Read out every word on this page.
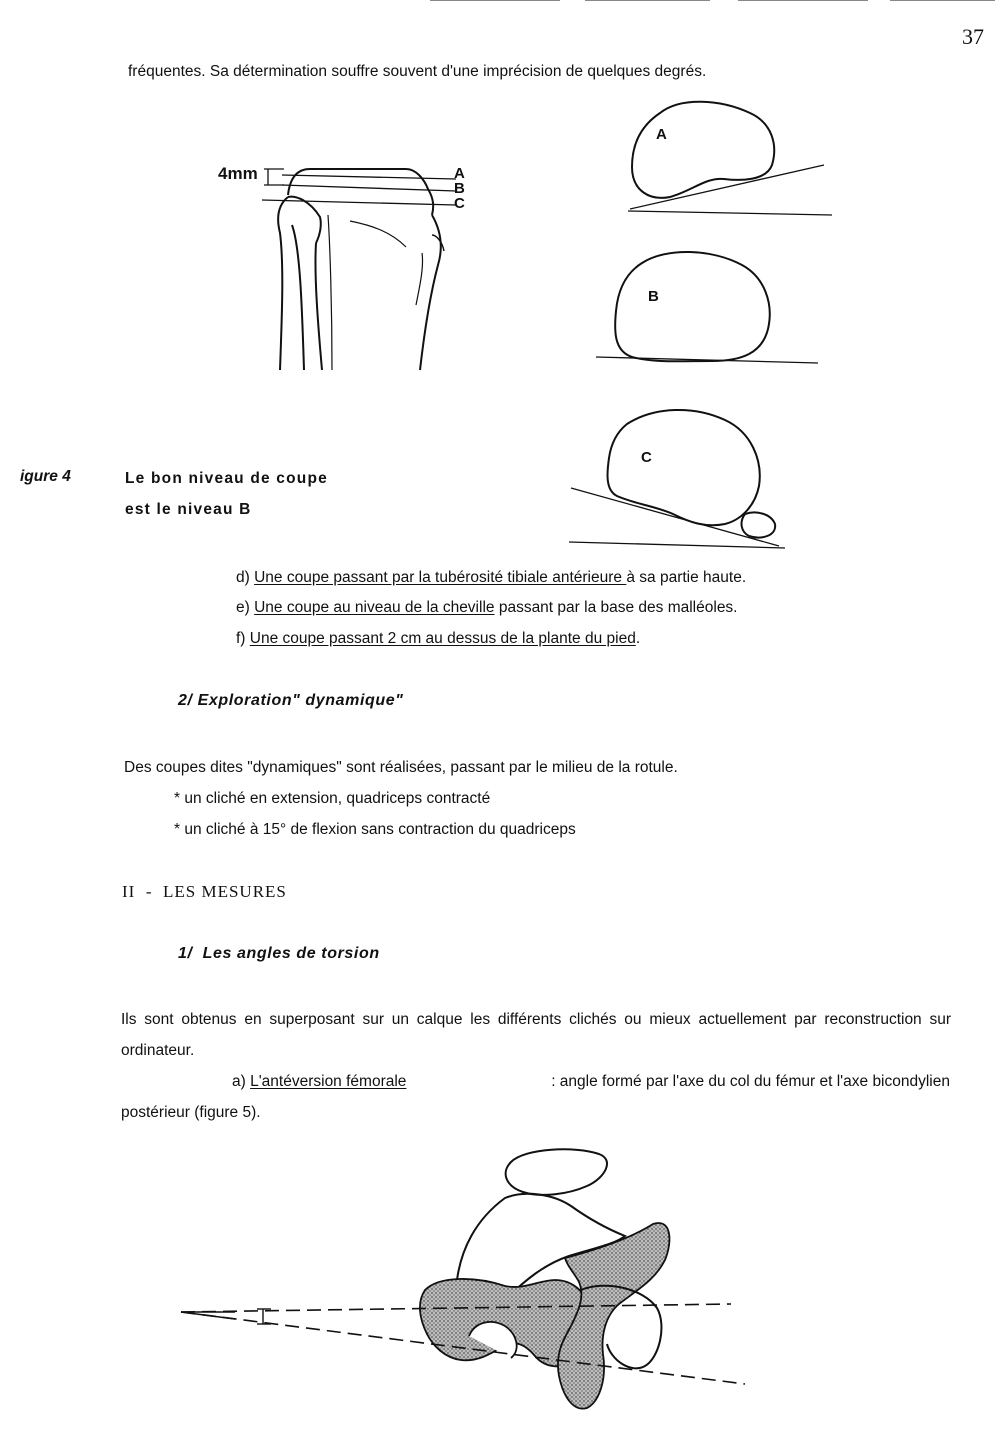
37
fréquentes. Sa détermination souffre souvent d'une imprécision de quelques degrés.
4mm	A
B
C
A
B
C
igure 4	Le bon niveau de coupe
est le niveau B
d) Une coupe passant par la tubérosité tibiale antérieure à sa partie haute.
e) Une coupe au niveau de la cheville passant par la base des malléoles.
f) Une coupe passant 2 cm au dessus de la plante du pied.
2/ Exploration" dynamique"
Des coupes dites "dynamiques" sont réalisées, passant par le milieu de la rotule.
* un cliché en extension, quadriceps contracté
* un cliché à 15° de flexion sans contraction du quadriceps
II  -  LES MESURES
1/  Les angles de torsion
Ils sont obtenus en superposant sur un calque les différents clichés ou mieux actuellement par reconstruction sur ordinateur.
a) L'antéversion fémorale	: angle formé par l'axe du col du fémur et l'axe bicondylien
postérieur (figure 5).
